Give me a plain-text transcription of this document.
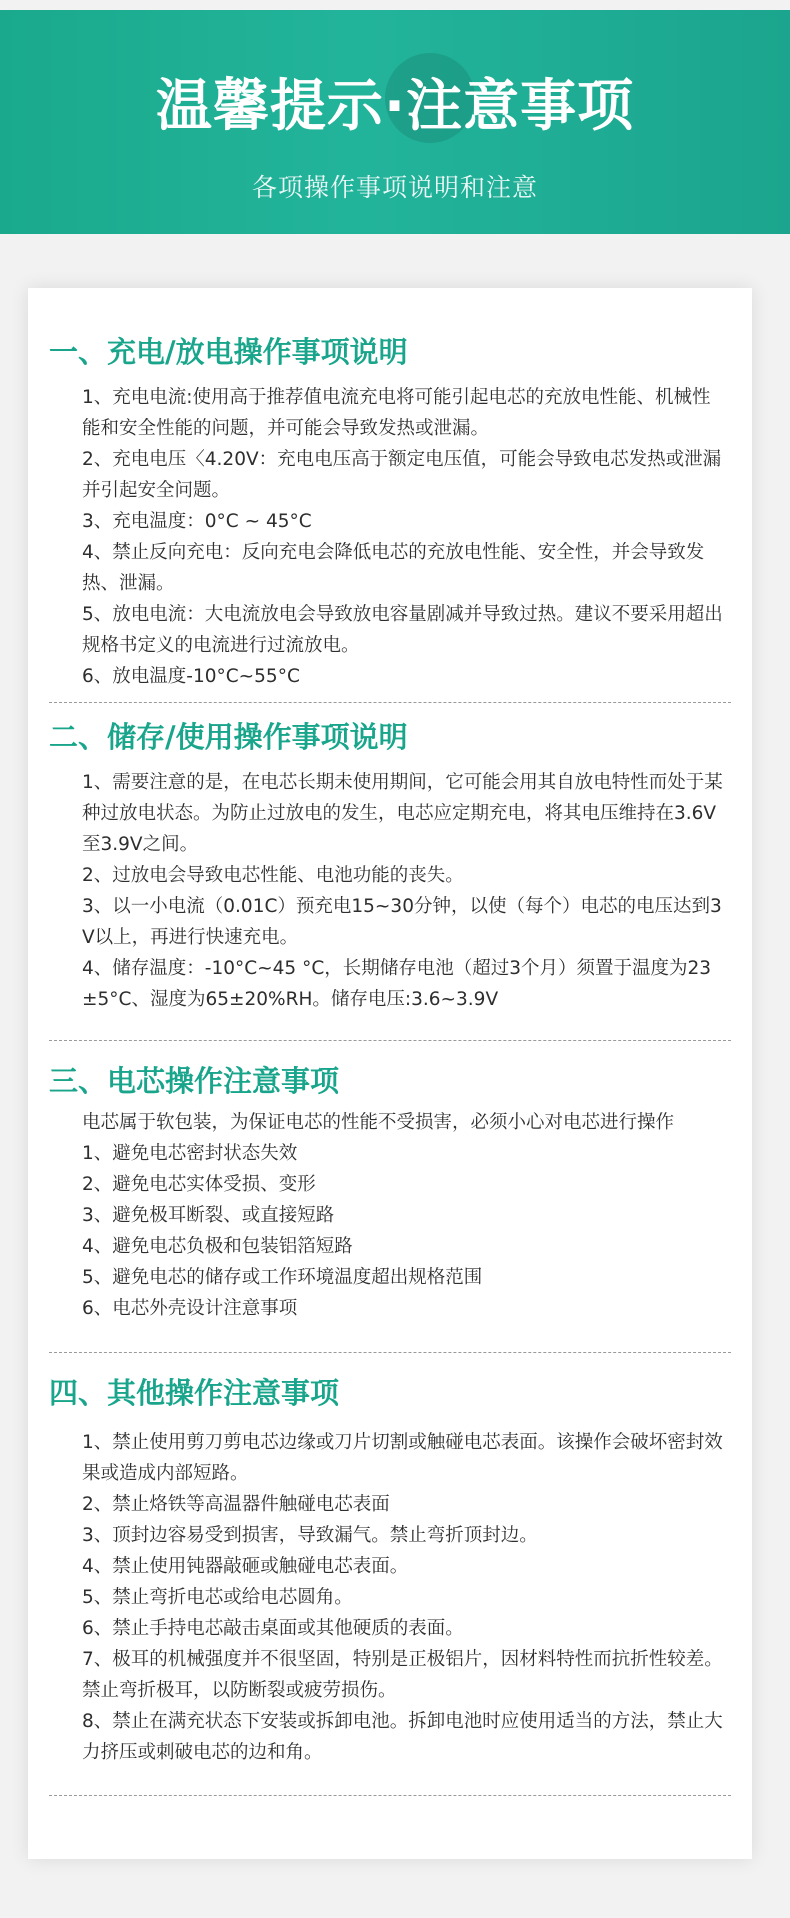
温馨提示·注意事项
各项操作事项说明和注意
一、充电/放电操作事项说明
1、充电电流:使用高于推荐值电流充电将可能引起电芯的充放电性能、机械性能和安全性能的问题，并可能会导致发热或泄漏。
2、充电电压〈4.20V：充电电压高于额定电压值，可能会导致电芯发热或泄漏并引起安全问题。
3、充电温度：0°C ~ 45°C
4、禁止反向充电：反向充电会降低电芯的充放电性能、安全性，并会导致发热、泄漏。
5、放电电流：大电流放电会导致放电容量剧减并导致过热。建议不要采用超出规格书定义的电流进行过流放电。
6、放电温度-10°C~55°C
二、储存/使用操作事项说明
1、需要注意的是，在电芯长期未使用期间，它可能会用其自放电特性而处于某种过放电状态。为防止过放电的发生，电芯应定期充电，将其电压维持在3.6V至3.9V之间。
2、过放电会导致电芯性能、电池功能的丧失。
3、以一小电流（0.01C）预充电15~30分钟，以使（每个）电芯的电压达到3V以上，再进行快速充电。
4、储存温度：-10°C~45 °C，长期储存电池（超过3个月）须置于温度为23±5°C、湿度为65±20%RH。储存电压:3.6~3.9V
三、电芯操作注意事项
电芯属于软包装，为保证电芯的性能不受损害，必须小心对电芯进行操作
1、避免电芯密封状态失效
2、避免电芯实体受损、变形
3、避免极耳断裂、或直接短路
4、避免电芯负极和包装铝箔短路
5、避免电芯的储存或工作环境温度超出规格范围
6、电芯外壳设计注意事项
四、其他操作注意事项
1、禁止使用剪刀剪电芯边缘或刀片切割或触碰电芯表面。该操作会破坏密封效果或造成内部短路。
2、禁止烙铁等高温器件触碰电芯表面
3、顶封边容易受到损害，导致漏气。禁止弯折顶封边。
4、禁止使用钝器敲砸或触碰电芯表面。
5、禁止弯折电芯或给电芯圆角。
6、禁止手持电芯敲击桌面或其他硬质的表面。
7、极耳的机械强度并不很坚固，特别是正极铝片，因材料特性而抗折性较差。禁止弯折极耳，以防断裂或疲劳损伤。
8、禁止在满充状态下安装或拆卸电池。拆卸电池时应使用适当的方法，禁止大力挤压或刺破电芯的边和角。
